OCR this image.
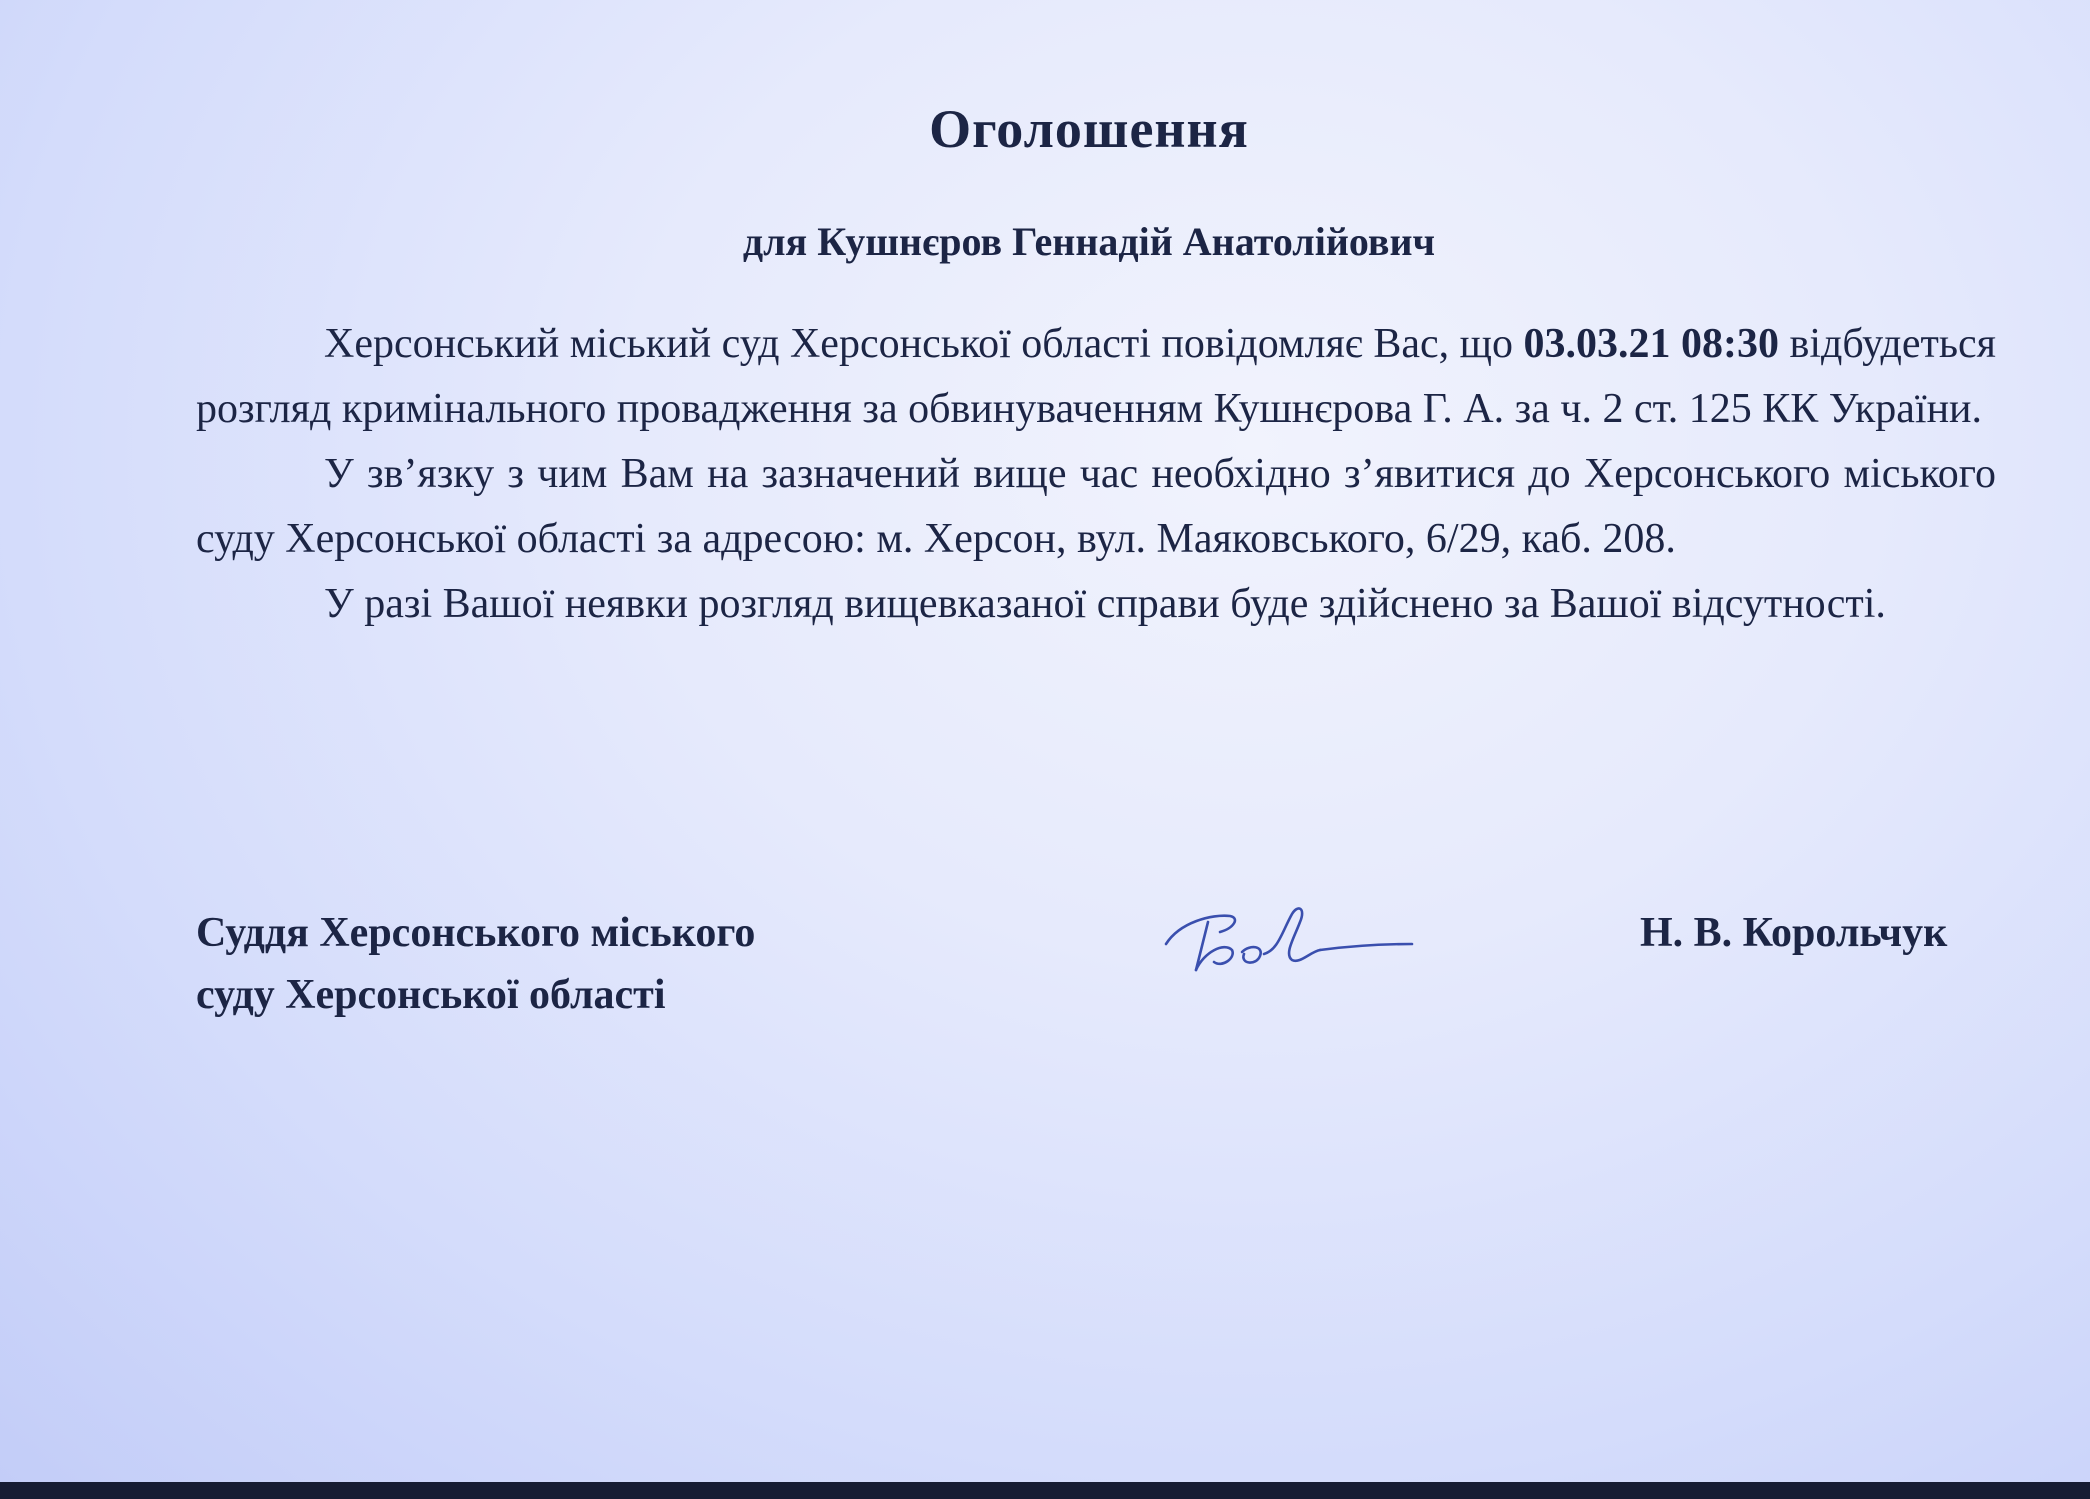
Оголошення
для Кушнєров Геннадій Анатолійович

Херсонський міський суд Херсонської області повідомляє Вас, що 03.03.21 08:30 відбудеться розгляд кримінального провадження за обвинуваченням Кушнєрова Г. А. за ч. 2 ст. 125 КК України.

У зв’язку з чим Вам на зазначений вище час необхідно з’явитися до Херсонського міського суду Херсонської області за адресою: м. Херсон, вул. Маяковського, 6/29, каб. 208.

У разі Вашої неявки розгляд вищевказаної справи буде здійснено за Вашої відсутності.

Суддя Херсонського міського
суду Херсонської області
Н. В. Корольчук
